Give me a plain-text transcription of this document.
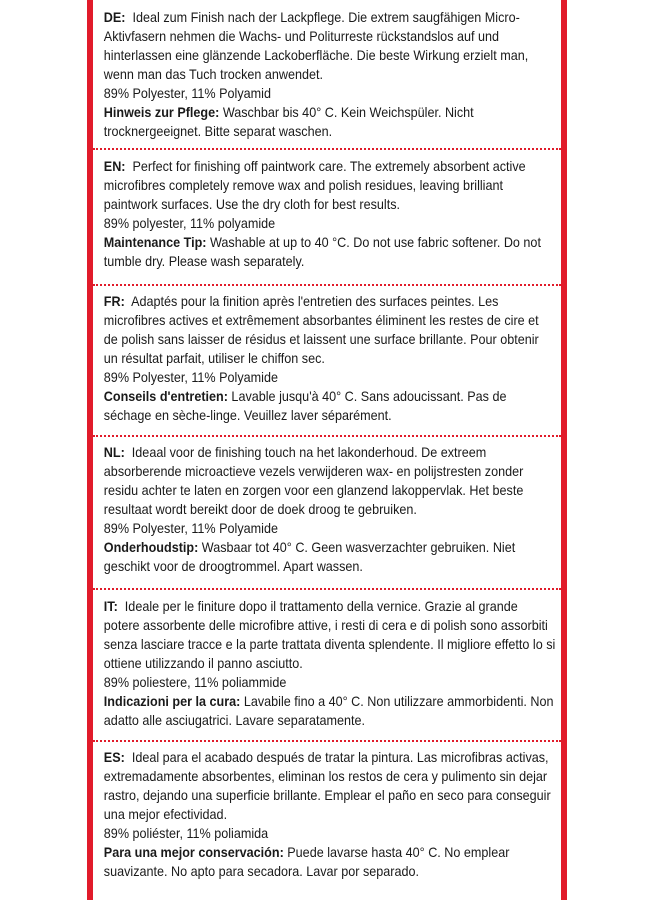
DE: Ideal zum Finish nach der Lackpflege. Die extrem saugfähigen Micro-Aktivfasern nehmen die Wachs- und Politurreste rückstandslos auf und hinterlassen eine glänzende Lackoberfläche. Die beste Wirkung erzielt man, wenn man das Tuch trocken anwendet.
89% Polyester, 11% Polyamid
Hinweis zur Pflege: Waschbar bis 40° C. Kein Weichspüler. Nicht trocknergeeignet. Bitte separat waschen.
EN: Perfect for finishing off paintwork care. The extremely absorbent active microfibres completely remove wax and polish residues, leaving brilliant paintwork surfaces. Use the dry cloth for best results.
89% polyester, 11% polyamide
Maintenance Tip: Washable at up to 40 °C. Do not use fabric softener. Do not tumble dry. Please wash separately.
FR: Adaptés pour la finition après l'entretien des surfaces peintes. Les microfibres actives et extrêmement absorbantes éliminent les restes de cire et de polish sans laisser de résidus et laissent une surface brillante. Pour obtenir un résultat parfait, utiliser le chiffon sec.
89% Polyester, 11% Polyamide
Conseils d'entretien: Lavable jusqu'à 40° C. Sans adoucissant. Pas de séchage en sèche-linge. Veuillez laver séparément.
NL: Ideaal voor de finishing touch na het lakonderhoud. De extreem absorberende microactieve vezels verwijderen wax- en polijstresten zonder residu achter te laten en zorgen voor een glanzend lakoppervlak. Het beste resultaat wordt bereikt door de doek droog te gebruiken.
89% Polyester, 11% Polyamide
Onderhoudstip: Wasbaar tot 40° C. Geen wasverzachter gebruiken. Niet geschikt voor de droogtrommel. Apart wassen.
IT: Ideale per le finiture dopo il trattamento della vernice. Grazie al grande potere assorbente delle microfibre attive, i resti di cera e di polish sono assorbiti senza lasciare tracce e la parte trattata diventa splendente. Il migliore effetto lo si ottiene utilizzando il panno asciutto.
89% poliestere, 11% poliammide
Indicazioni per la cura: Lavabile fino a 40° C. Non utilizzare ammorbidenti. Non adatto alle asciugatrici. Lavare separatamente.
ES: Ideal para el acabado después de tratar la pintura. Las microfibras activas, extremadamente absorbentes, eliminan los restos de cera y pulimento sin dejar rastro, dejando una superficie brillante. Emplear el paño en seco para conseguir una mejor efectividad.
89% poliéster, 11% poliamida
Para una mejor conservación: Puede lavarse hasta 40° C. No emplear suavizante. No apto para secadora. Lavar por separado.
